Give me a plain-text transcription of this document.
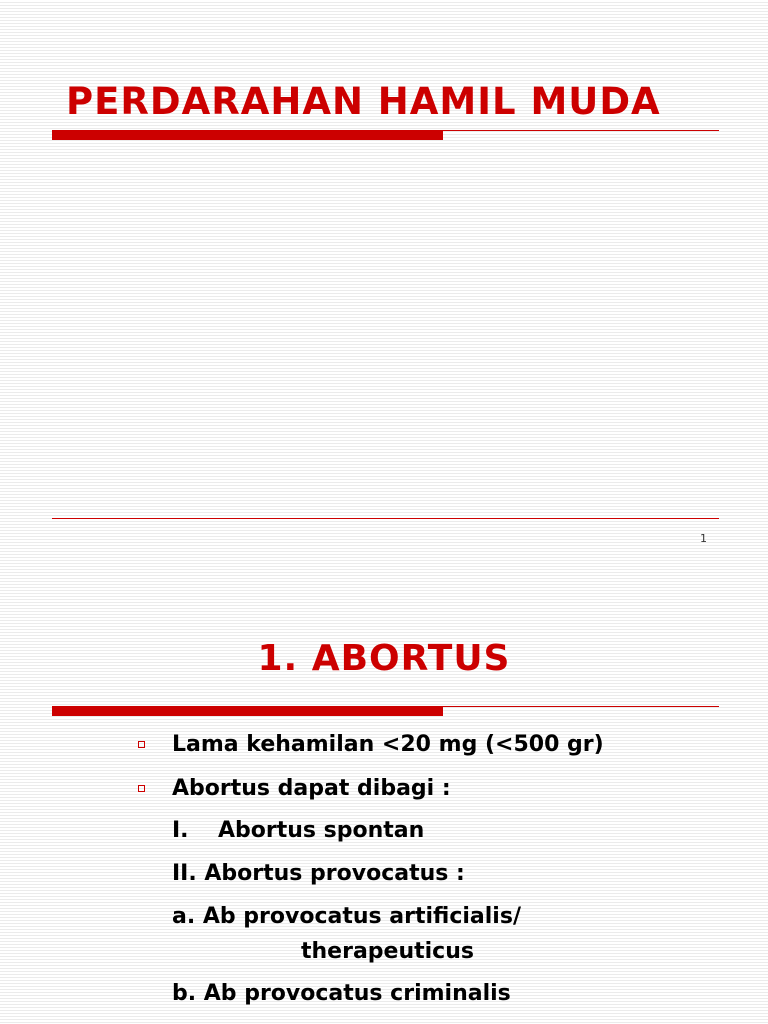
PERDARAHAN HAMIL MUDA
1
1. ABORTUS
Lama kehamilan <20 mg (<500 gr)
Abortus dapat dibagi :
I. Abortus spontan
II. Abortus provocatus :
a. Ab provocatus artificialis/
therapeuticus
b. Ab provocatus criminalis
